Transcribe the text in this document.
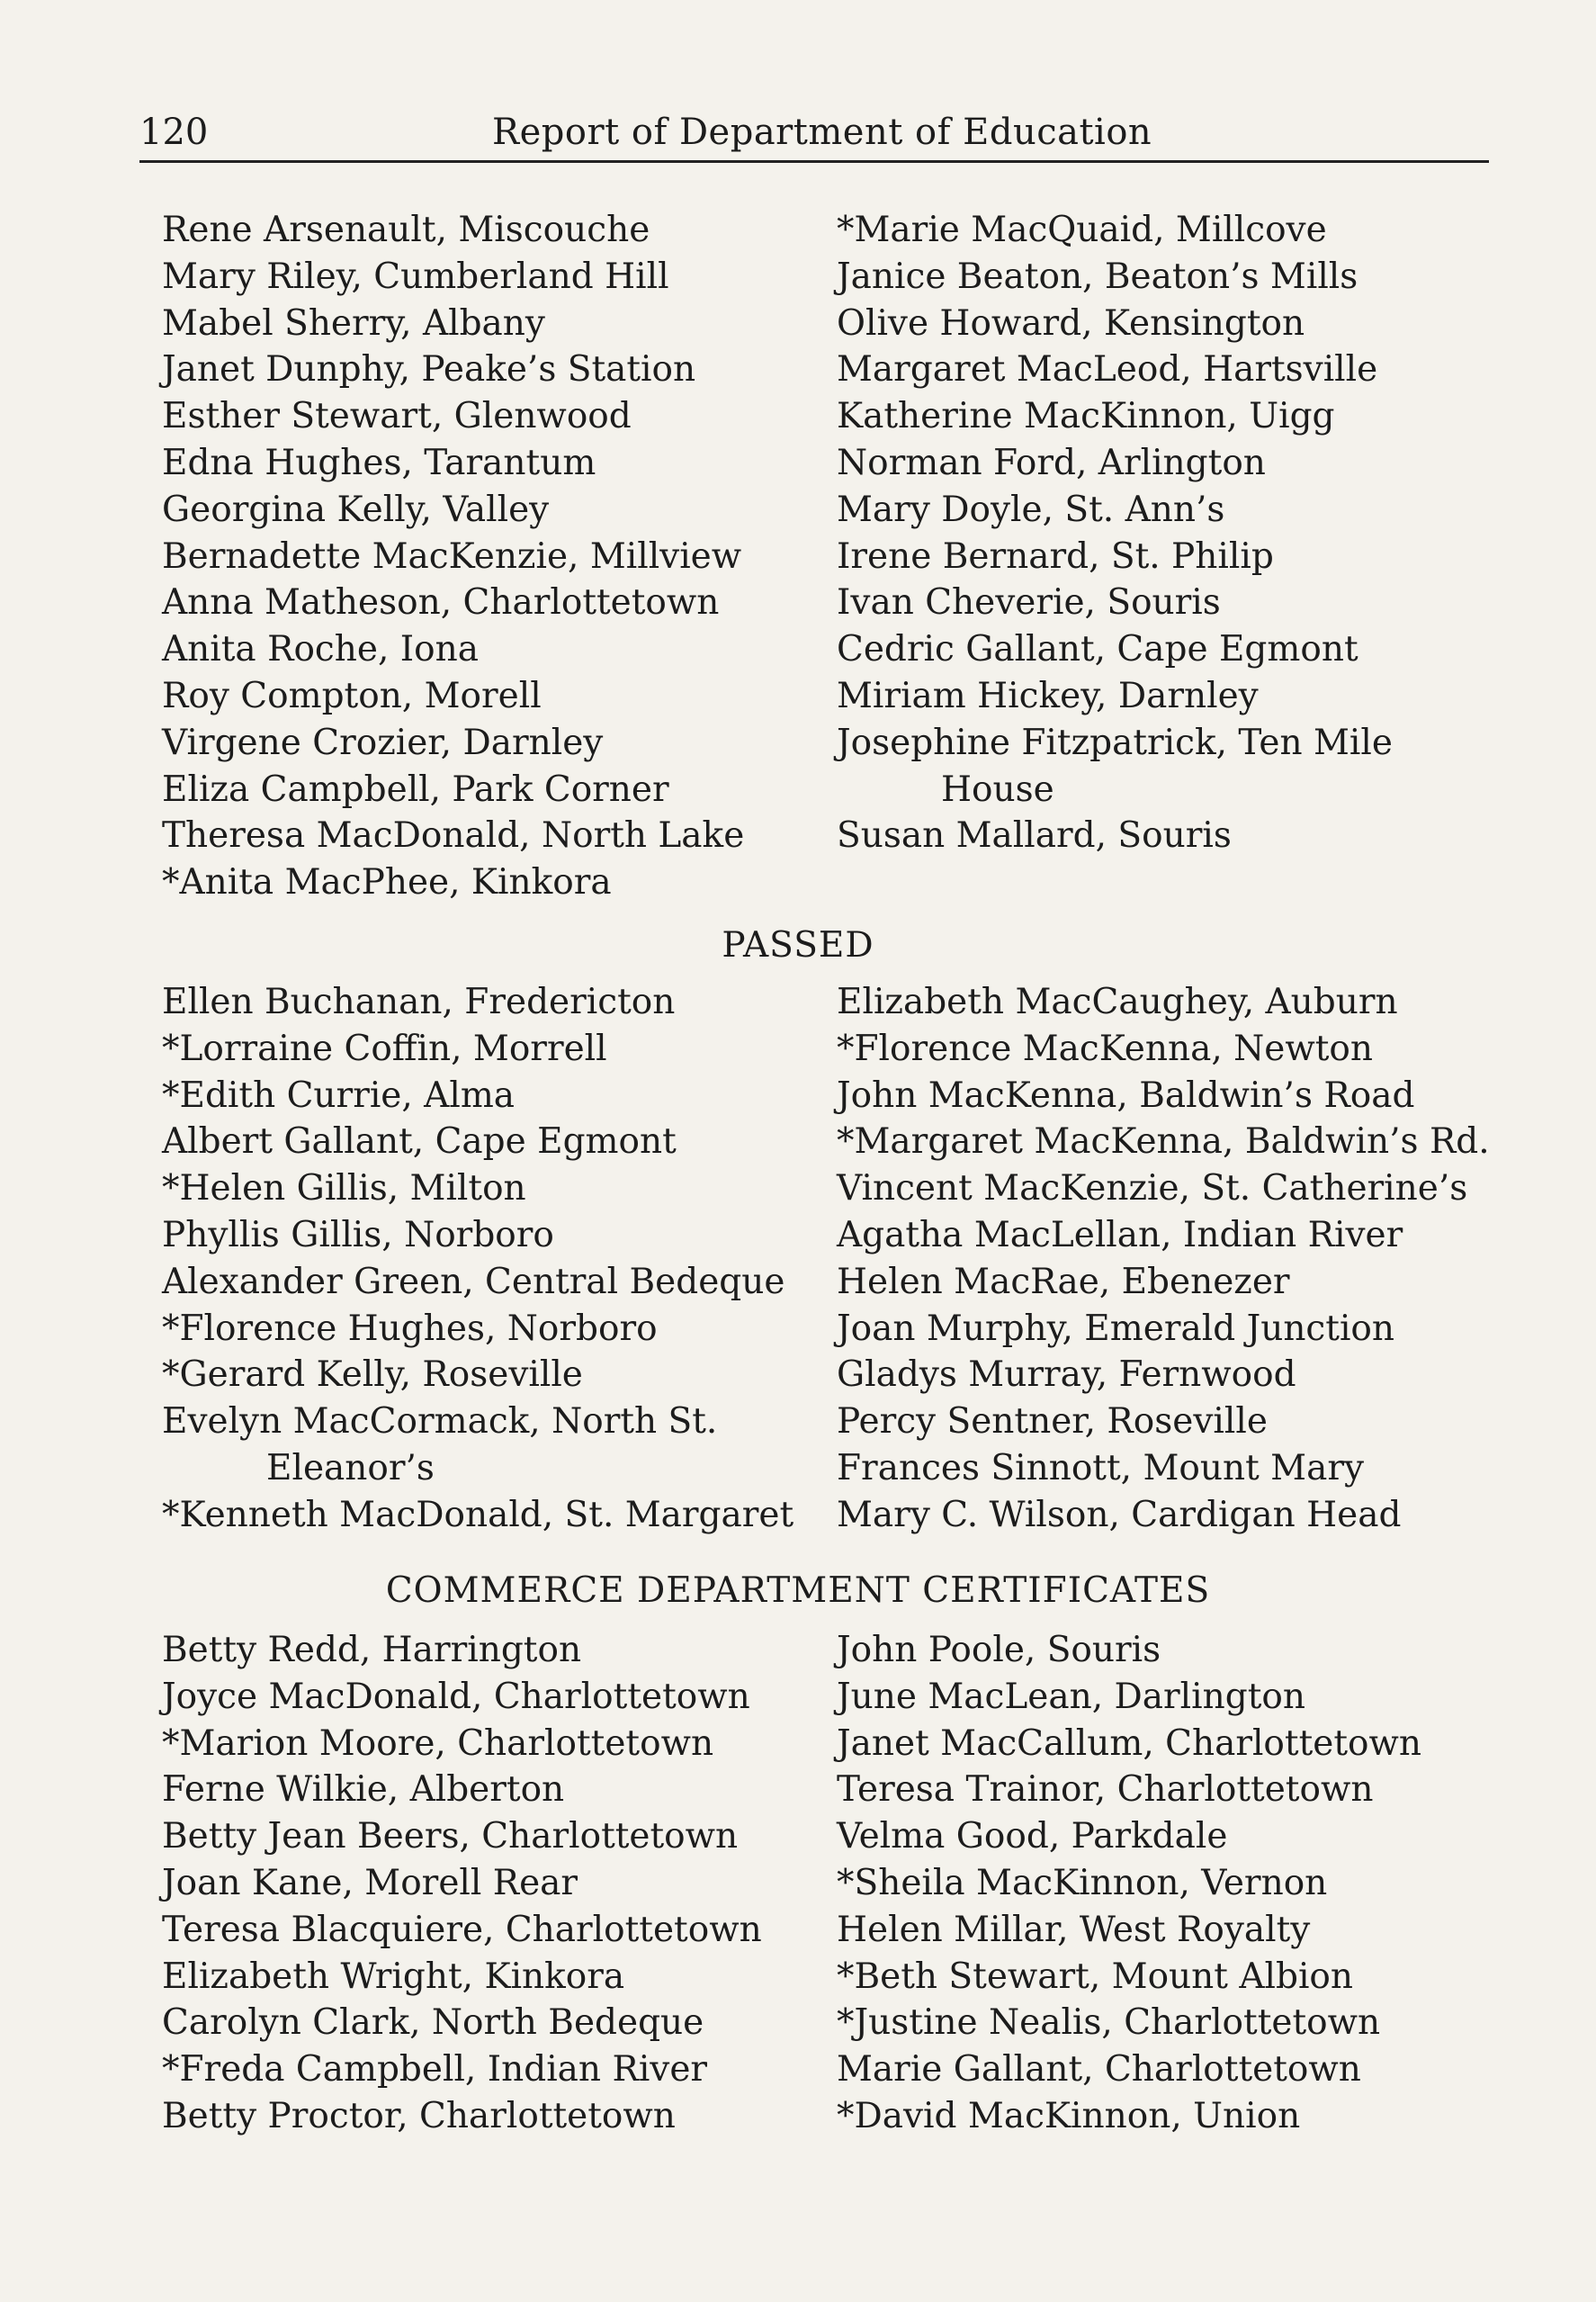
120	Report of Department of Education
Rene Arsenault, Miscouche
Mary Riley, Cumberland Hill
Mabel Sherry, Albany
Janet Dunphy, Peake’s Station
Esther Stewart, Glenwood
Edna Hughes, Tarantum
Georgina Kelly, Valley
Bernadette MacKenzie, Millview
Anna Matheson, Charlottetown
Anita Roche, Iona
Roy Compton, Morell
Virgene Crozier, Darnley
Eliza Campbell, Park Corner
Theresa MacDonald, North Lake
*Anita MacPhee, Kinkora
*Marie MacQuaid, Millcove
Janice Beaton, Beaton’s Mills
Olive Howard, Kensington
Margaret MacLeod, Hartsville
Katherine MacKinnon, Uigg
Norman Ford, Arlington
Mary Doyle, St. Ann’s
Irene Bernard, St. Philip
Ivan Cheverie, Souris
Cedric Gallant, Cape Egmont
Miriam Hickey, Darnley
Josephine Fitzpatrick, Ten Mile
House
Susan Mallard, Souris
PASSED
Ellen Buchanan, Fredericton
*Lorraine Coffin, Morrell
*Edith Currie, Alma
Albert Gallant, Cape Egmont
*Helen Gillis, Milton
Phyllis Gillis, Norboro
Alexander Green, Central Bedeque
*Florence Hughes, Norboro
*Gerard Kelly, Roseville
Evelyn MacCormack, North St.
Eleanor’s
*Kenneth MacDonald, St. Margaret
Elizabeth MacCaughey, Auburn
*Florence MacKenna, Newton
John MacKenna, Baldwin’s Road
*Margaret MacKenna, Baldwin’s Rd.
Vincent MacKenzie, St. Catherine’s
Agatha MacLellan, Indian River
Helen MacRae, Ebenezer
Joan Murphy, Emerald Junction
Gladys Murray, Fernwood
Percy Sentner, Roseville
Frances Sinnott, Mount Mary
Mary C. Wilson, Cardigan Head
COMMERCE DEPARTMENT CERTIFICATES
Betty Redd, Harrington
Joyce MacDonald, Charlottetown
*Marion Moore, Charlottetown
Ferne Wilkie, Alberton
Betty Jean Beers, Charlottetown
Joan Kane, Morell Rear
Teresa Blacquiere, Charlottetown
Elizabeth Wright, Kinkora
Carolyn Clark, North Bedeque
*Freda Campbell, Indian River
Betty Proctor, Charlottetown
John Poole, Souris
June MacLean, Darlington
Janet MacCallum, Charlottetown
Teresa Trainor, Charlottetown
Velma Good, Parkdale
*Sheila MacKinnon, Vernon
Helen Millar, West Royalty
*Beth Stewart, Mount Albion
*Justine Nealis, Charlottetown
Marie Gallant, Charlottetown
*David MacKinnon, Union
